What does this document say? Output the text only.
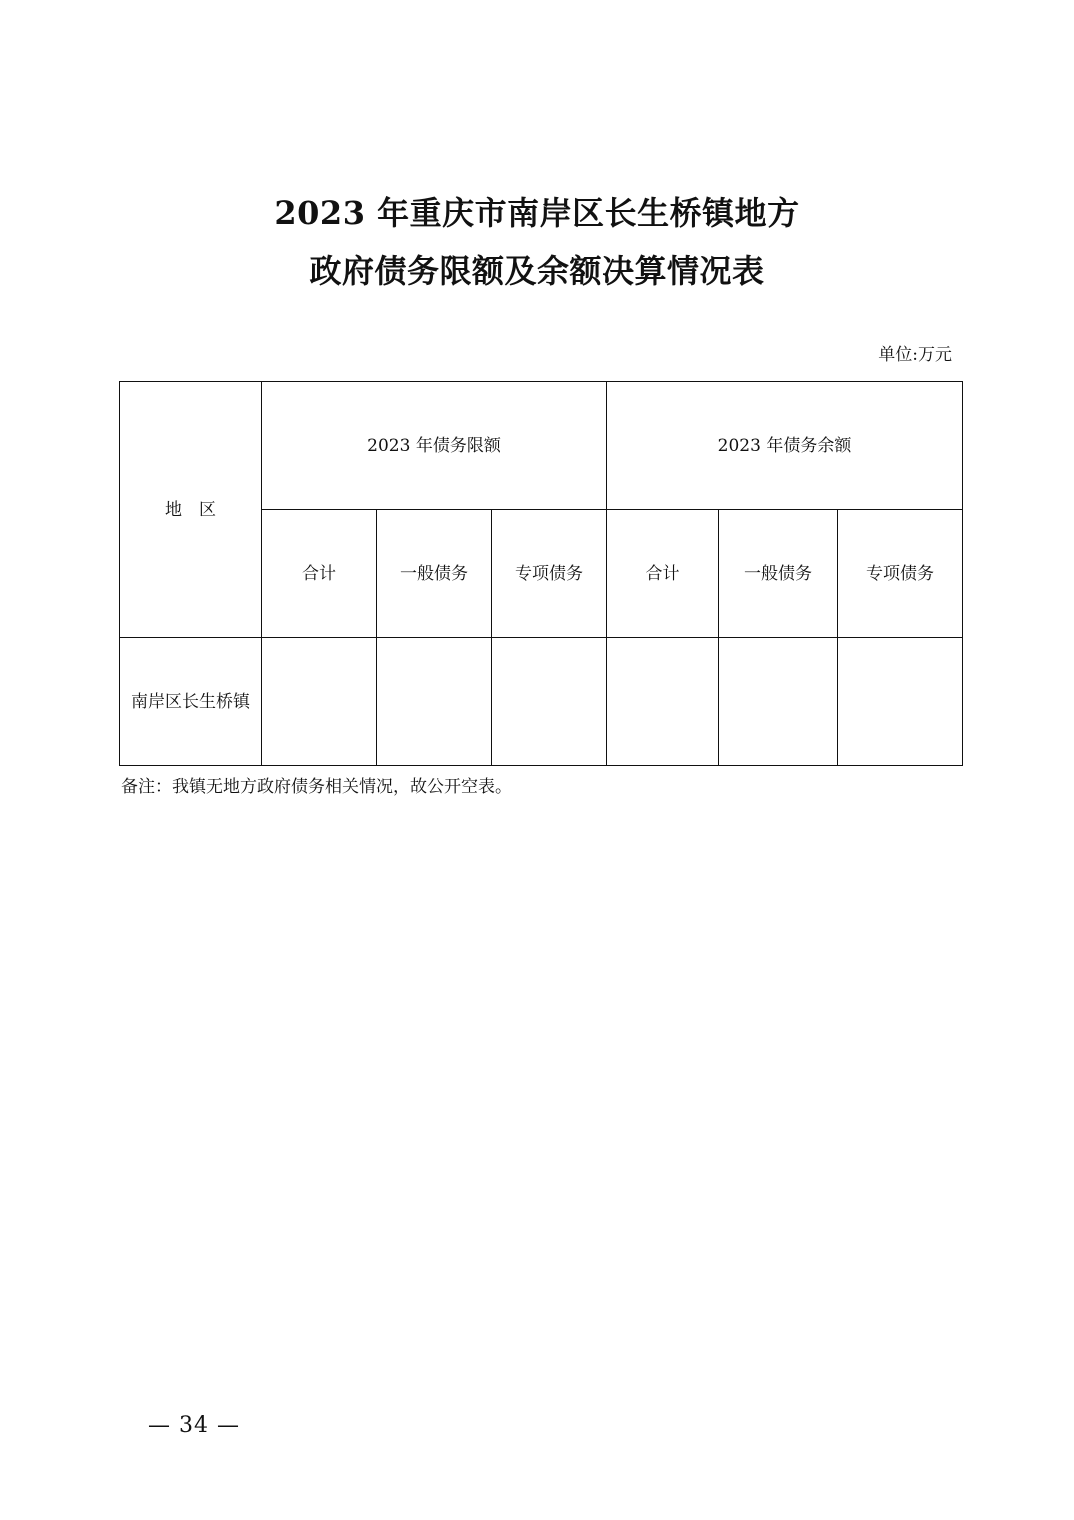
2023 年重庆市南岸区长生桥镇地方
政府债务限额及余额决算情况表
单位:万元
地　区	2023 年债务限额			2023 年债务余额		
	合计	一般债务	专项债务	合计	一般债务	专项债务
南岸区长生桥镇						
备注：我镇无地方政府债务相关情况，故公开空表。
— 34 —
